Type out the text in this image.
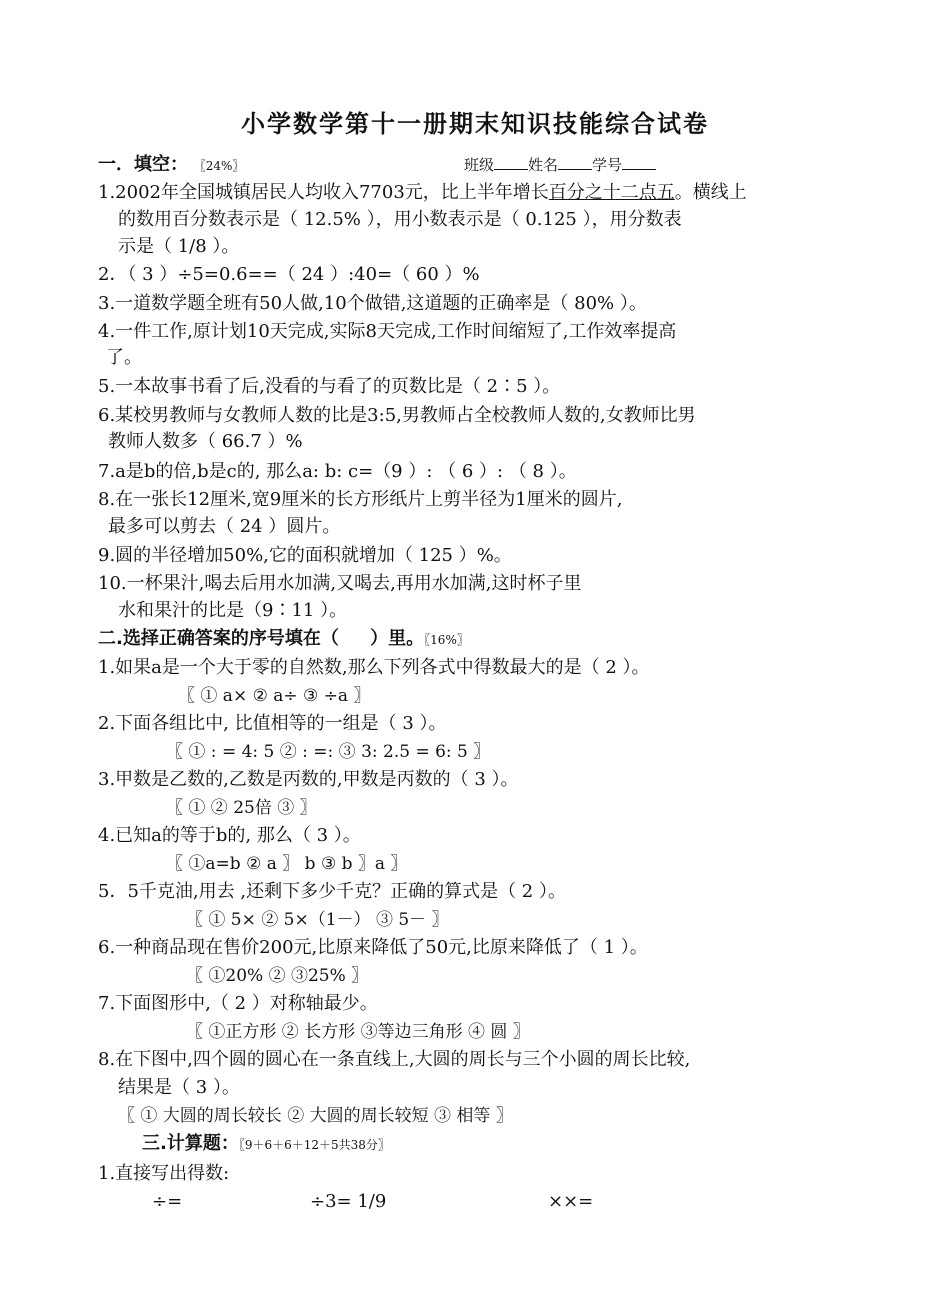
小学数学第十一册期末知识技能综合试卷
一．填空： 〖24%〗	班级 姓名 学号
1.2002年全国城镇居民人均收入7703元，比上半年增长百分之十二点五。横线上
的数用百分数表示是（ 12.5% ），用小数表示是（ 0.125 ），用分数表
示是（ 1/8 ）。
2．（ 3 ）÷5=0.6==（ 24 ）:40=（ 60 ）%
3.一道数学题全班有50人做,10个做错,这道题的正确率是（ 80% ）。
4.一件工作,原计划10天完成,实际8天完成,工作时间缩短了,工作效率提高
了。
5.一本故事书看了后,没看的与看了的页数比是（ 2∶5 ）。
6.某校男教师与女教师人数的比是3:5,男教师占全校教师人数的,女教师比男
教师人数多（ 66.7 ）%
7.a是b的倍,b是c的, 那么a: b: c=（9 ）: （ 6 ）: （ 8 ）。
8.在一张长12厘米,宽9厘米的长方形纸片上剪半径为1厘米的圆片,
最多可以剪去（ 24 ）圆片。
9.圆的半径增加50%,它的面积就增加（ 125 ）%。
10.一杯果汁,喝去后用水加满,又喝去,再用水加满,这时杯子里
水和果汁的比是（9∶11 ）。
二.选择正确答案的序号填在（     ）里。〖16%〗
1.如果a是一个大于零的自然数,那么下列各式中得数最大的是（ 2 ）。
〖 ① a× ② a÷ ③ ÷a 〗
2.下面各组比中, 比值相等的一组是（ 3 ）。
〖 ① : = 4: 5 ② : =: ③ 3: 2.5 = 6: 5 〗
3.甲数是乙数的,乙数是丙数的,甲数是丙数的（ 3 ）。
〖 ① ② 25倍 ③ 〗
4.已知a的等于b的, 那么（ 3 ）。
〖 ①a=b ② a 〗 b ③ b 〗a 〗
5．5千克油,用去 ,还剩下多少千克？正确的算式是（ 2 ）。
〖 ① 5× ② 5×（1－） ③ 5－ 〗
6.一种商品现在售价200元,比原来降低了50元,比原来降低了（ 1 ）。
〖 ①20% ② ③25% 〗
7.下面图形中,（ 2 ）对称轴最少。
〖 ①正方形 ② 长方形 ③等边三角形 ④ 圆 〗
8.在下图中,四个圆的圆心在一条直线上,大圆的周长与三个小圆的周长比较,
结果是（ 3 ）。
〖 ① 大圆的周长较长 ② 大圆的周长较短 ③ 相等 〗
三.计算题：〖9＋6＋6＋12＋5共38分〗
1.直接写出得数:
÷=	÷3= 1/9	××=
